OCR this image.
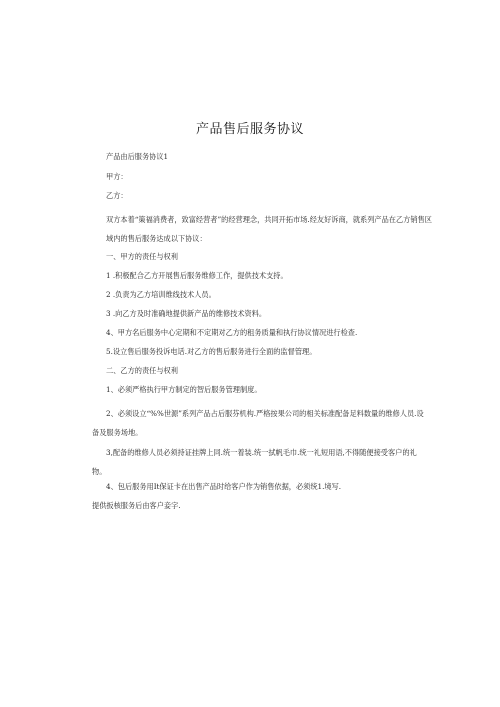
产品售后服务协议
产品由后服务协议1
甲方：
乙方：
双方本着“策福消费者，致富经营者”的经营理念，共同开拓市场.经友好诉商，就系列产品在乙方销售区域内的售后服务达成以下协议：
一、甲方的责任与权利
1 .积极配合乙方开展售后服务维修工作，提供技术支持。
2 .负责为乙方培训维线技术人员。
3 .向乙方及时准确地提供新产品的维修技术资料。
4、甲方名后服务中心定期和不定期对乙方的租务质量和执行协议情况进行检查.
5.设立售后服务投诉电话.对乙方的售后服务进行全面的监督管理。
二、乙方的责任与权利
1、必须严格执行甲方制定的智后服务管理制度。
2、必须设立“%%世源”系列产品占后服芬机构.严格按果公司的相关标准配备足料数量的维修人员.设备及服务场地。
3,配备的维修人员必须持证挂牌上同.统一着装.统一拭帆毛巾.统一礼短用语,不得随便接受客户的礼物。
4、包后服务用It保证卡在出售产品时给客户作为销售依据，必须统1.境写.
提供扳核服务后由客户妾字.
